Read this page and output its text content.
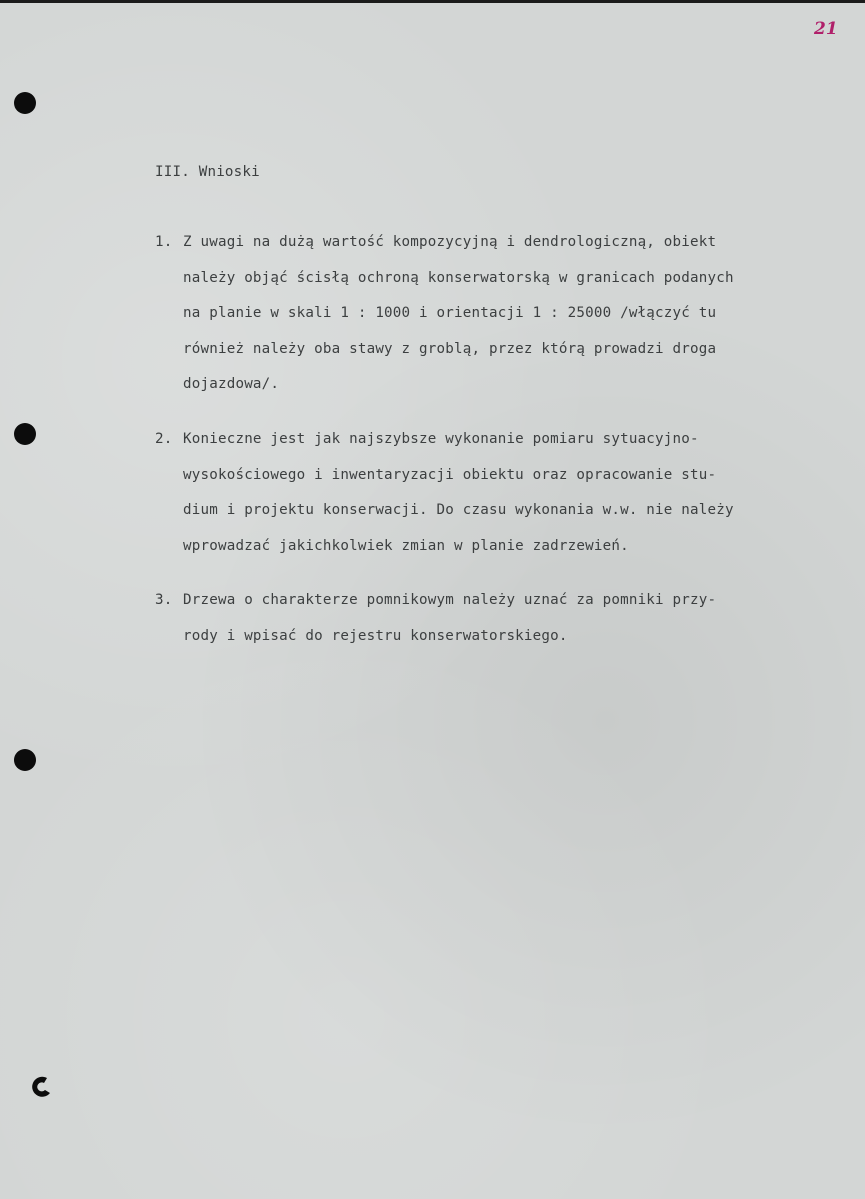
21
III. Wnioski
1. Z uwagi na dużą wartość kompozycyjną i dendrologiczną, obiekt
należy objąć ścisłą ochroną konserwatorską w granicach podanych
na planie w skali 1 : 1000 i orientacji 1 : 25000 /włączyć tu
również należy oba stawy z groblą, przez którą prowadzi droga
dojazdowa/.
2. Konieczne jest jak najszybsze wykonanie pomiaru sytuacyjno-
wysokościowego i inwentaryzacji obiektu oraz opracowanie stu-
dium i projektu konserwacji. Do czasu wykonania w.w. nie należy
wprowadzać jakichkolwiek zmian w planie zadrzewień.
3. Drzewa o charakterze pomnikowym należy uznać za pomniki przy-
rody i wpisać do rejestru konserwatorskiego.
